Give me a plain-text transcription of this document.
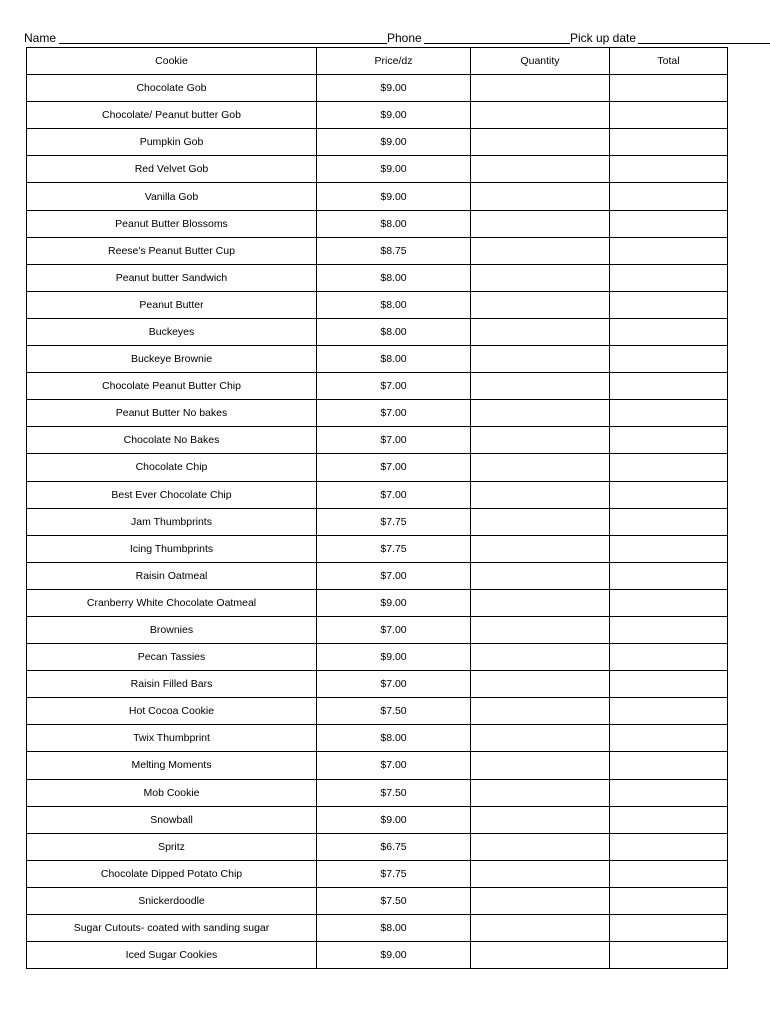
Name	Phone	Pick up date
Cookie	Price/dz	Quantity	Total
Chocolate Gob	$9.00		
Chocolate/ Peanut butter Gob	$9.00		
Pumpkin Gob	$9.00		
Red Velvet Gob	$9.00		
Vanilla Gob	$9.00		
Peanut Butter Blossoms	$8.00		
Reese's Peanut Butter Cup	$8.75		
Peanut butter Sandwich	$8.00		
Peanut Butter	$8.00		
Buckeyes	$8.00		
Buckeye Brownie	$8.00		
Chocolate Peanut Butter Chip	$7.00		
Peanut Butter No bakes	$7.00		
Chocolate No Bakes	$7.00		
Chocolate Chip	$7.00		
Best Ever Chocolate Chip	$7.00		
Jam Thumbprints	$7.75		
Icing Thumbprints	$7.75		
Raisin Oatmeal	$7.00		
Cranberry White Chocolate Oatmeal	$9.00		
Brownies	$7.00		
Pecan Tassies	$9.00		
Raisin Filled Bars	$7.00		
Hot Cocoa Cookie	$7.50		
Twix Thumbprint	$8.00		
Melting Moments	$7.00		
Mob Cookie	$7.50		
Snowball	$9.00		
Spritz	$6.75		
Chocolate Dipped Potato Chip	$7.75		
Snickerdoodle	$7.50		
Sugar Cutouts- coated with sanding sugar	$8.00		
Iced Sugar Cookies	$9.00		
